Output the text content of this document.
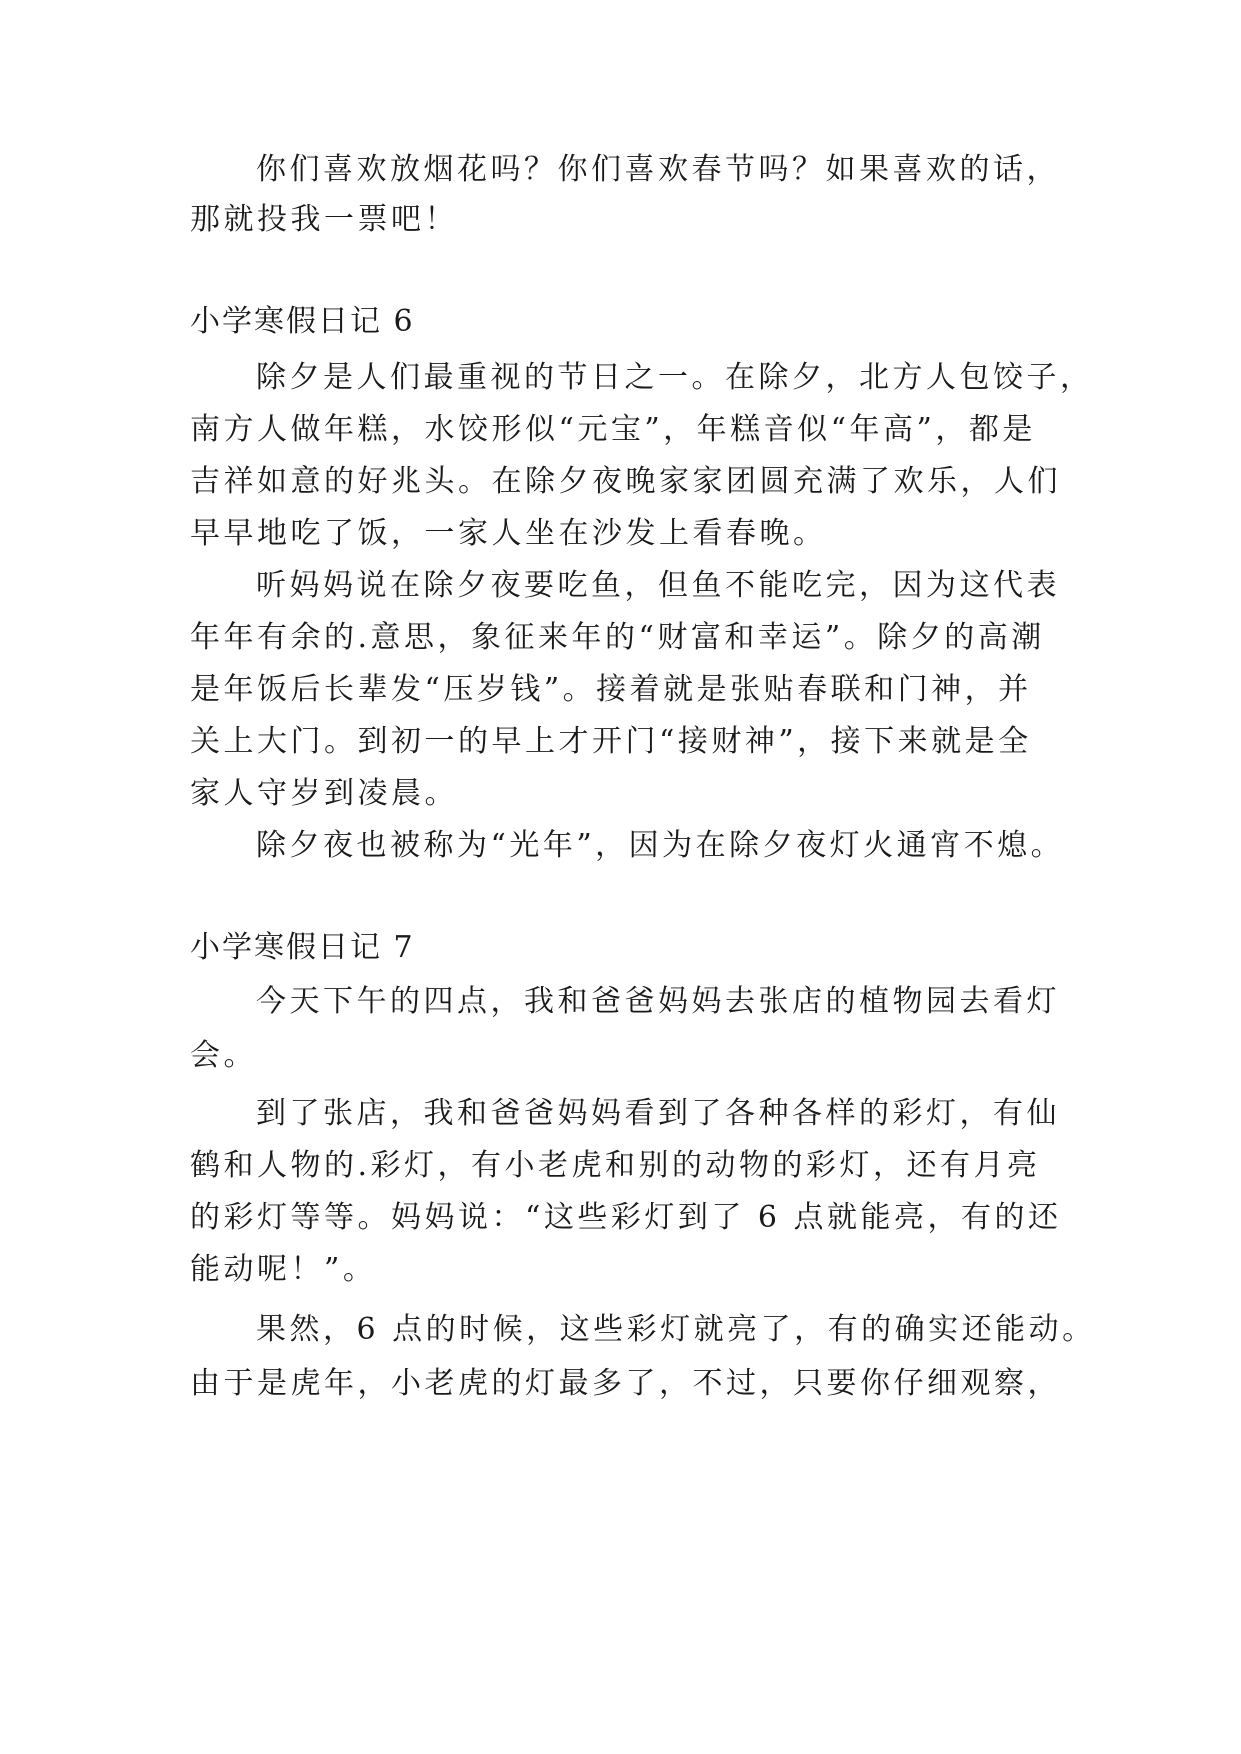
你们喜欢放烟花吗？你们喜欢春节吗？如果喜欢的话，
那就投我一票吧！
小学寒假日记 6
除夕是人们最重视的节日之一。在除夕，北方人包饺子，
南方人做年糕，水饺形似“元宝”，年糕音似“年高”，都是
吉祥如意的好兆头。在除夕夜晚家家团圆充满了欢乐，人们
早早地吃了饭，一家人坐在沙发上看春晚。
听妈妈说在除夕夜要吃鱼，但鱼不能吃完，因为这代表
年年有余的.意思，象征来年的“财富和幸运”。除夕的高潮
是年饭后长辈发“压岁钱”。接着就是张贴春联和门神，并
关上大门。到初一的早上才开门“接财神”，接下来就是全
家人守岁到凌晨。
除夕夜也被称为“光年”，因为在除夕夜灯火通宵不熄。
小学寒假日记 7
今天下午的四点，我和爸爸妈妈去张店的植物园去看灯
会。
到了张店，我和爸爸妈妈看到了各种各样的彩灯，有仙
鹤和人物的.彩灯，有小老虎和别的动物的彩灯，还有月亮
的彩灯等等。妈妈说：“这些彩灯到了 6 点就能亮，有的还
能动呢！”。
果然，6 点的时候，这些彩灯就亮了，有的确实还能动。
由于是虎年，小老虎的灯最多了，不过，只要你仔细观察，
